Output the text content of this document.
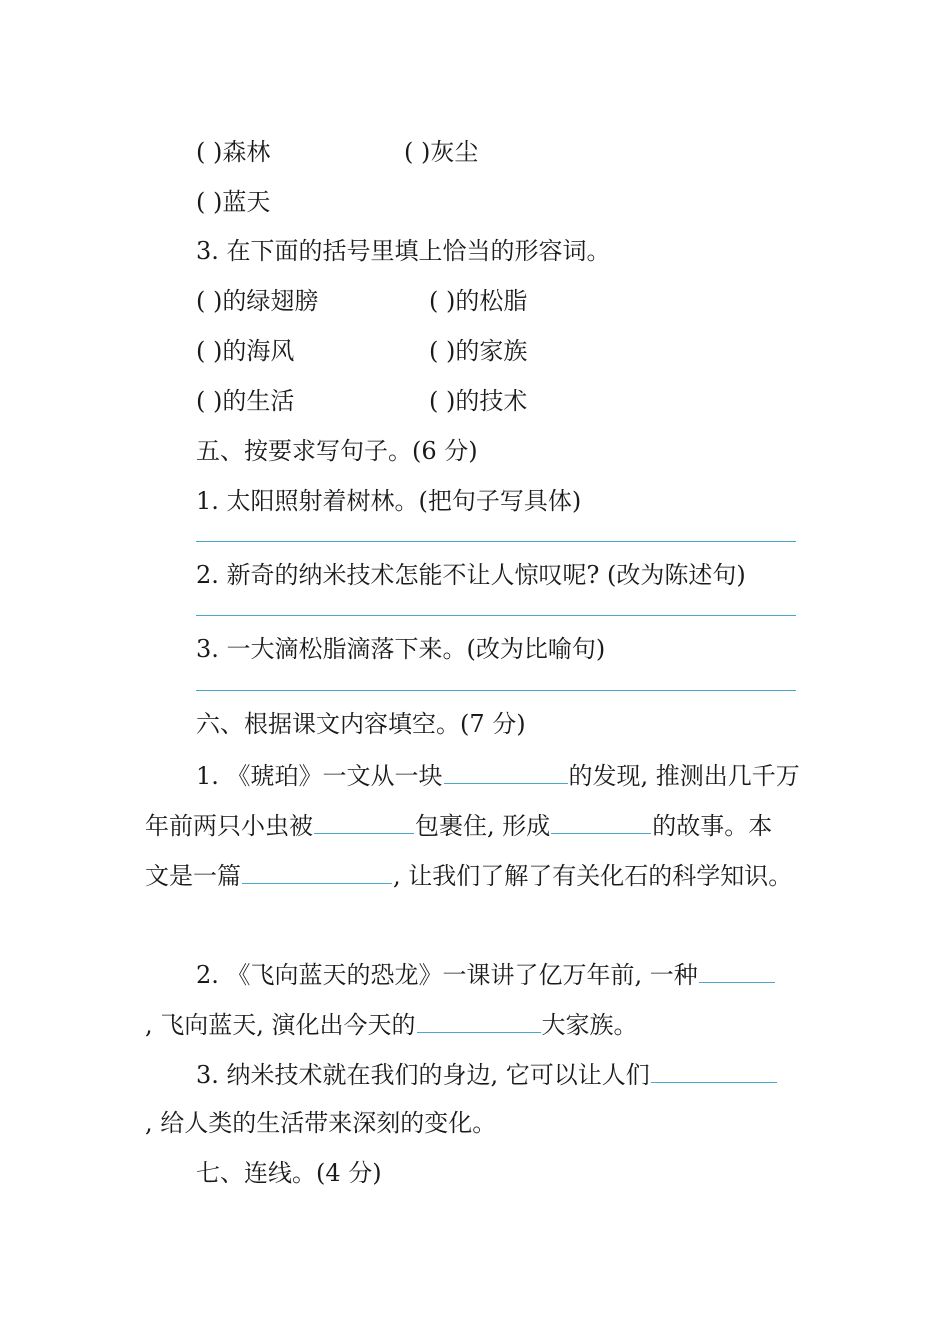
( )森林	( )灰尘
( )蓝天
3. 在下面的括号里填上恰当的形容词。
( )的绿翅膀	( )的松脂
( )的海风	( )的家族
( )的生活	( )的技术
五、按要求写句子。(6 分)
1. 太阳照射着树林。(把句子写具体)
2. 新奇的纳米技术怎能不让人惊叹呢? (改为陈述句)
3. 一大滴松脂滴落下来。(改为比喻句)
六、根据课文内容填空。(7 分)
1. 《琥珀》一文从一块	的发现, 推测出几千万
年前两只小虫被	包裹住, 形成	的故事。本
文是一篇	, 让我们了解了有关化石的科学知识。
2. 《飞向蓝天的恐龙》一课讲了亿万年前, 一种
, 飞向蓝天, 演化出今天的	大家族。
3. 纳米技术就在我们的身边, 它可以让人们
, 给人类的生活带来深刻的变化。
七、连线。(4 分)
